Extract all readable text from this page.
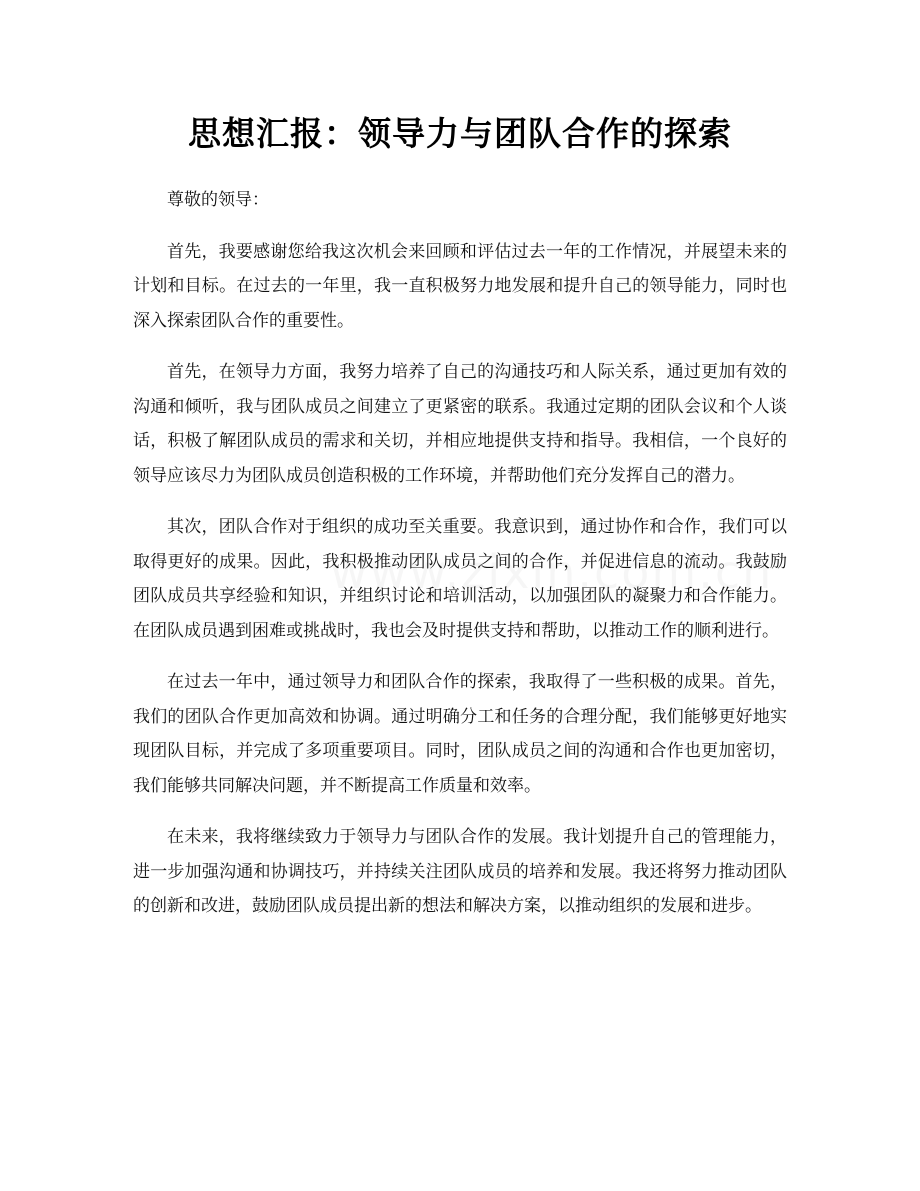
思想汇报：领导力与团队合作的探索

尊敬的领导：

首先，我要感谢您给我这次机会来回顾和评估过去一年的工作情况，并展望未来的计划和目标。在过去的一年里，我一直积极努力地发展和提升自己的领导能力，同时也深入探索团队合作的重要性。

首先，在领导力方面，我努力培养了自己的沟通技巧和人际关系，通过更加有效的沟通和倾听，我与团队成员之间建立了更紧密的联系。我通过定期的团队会议和个人谈话，积极了解团队成员的需求和关切，并相应地提供支持和指导。我相信，一个良好的领导应该尽力为团队成员创造积极的工作环境，并帮助他们充分发挥自己的潜力。

其次，团队合作对于组织的成功至关重要。我意识到，通过协作和合作，我们可以取得更好的成果。因此，我积极推动团队成员之间的合作，并促进信息的流动。我鼓励团队成员共享经验和知识，并组织讨论和培训活动，以加强团队的凝聚力和合作能力。在团队成员遇到困难或挑战时，我也会及时提供支持和帮助，以推动工作的顺利进行。

在过去一年中，通过领导力和团队合作的探索，我取得了一些积极的成果。首先，我们的团队合作更加高效和协调。通过明确分工和任务的合理分配，我们能够更好地实现团队目标，并完成了多项重要项目。同时，团队成员之间的沟通和合作也更加密切，我们能够共同解决问题，并不断提高工作质量和效率。

在未来，我将继续致力于领导力与团队合作的发展。我计划提升自己的管理能力，进一步加强沟通和协调技巧，并持续关注团队成员的培养和发展。我还将努力推动团队的创新和改进，鼓励团队成员提出新的想法和解决方案，以推动组织的发展和进步。
